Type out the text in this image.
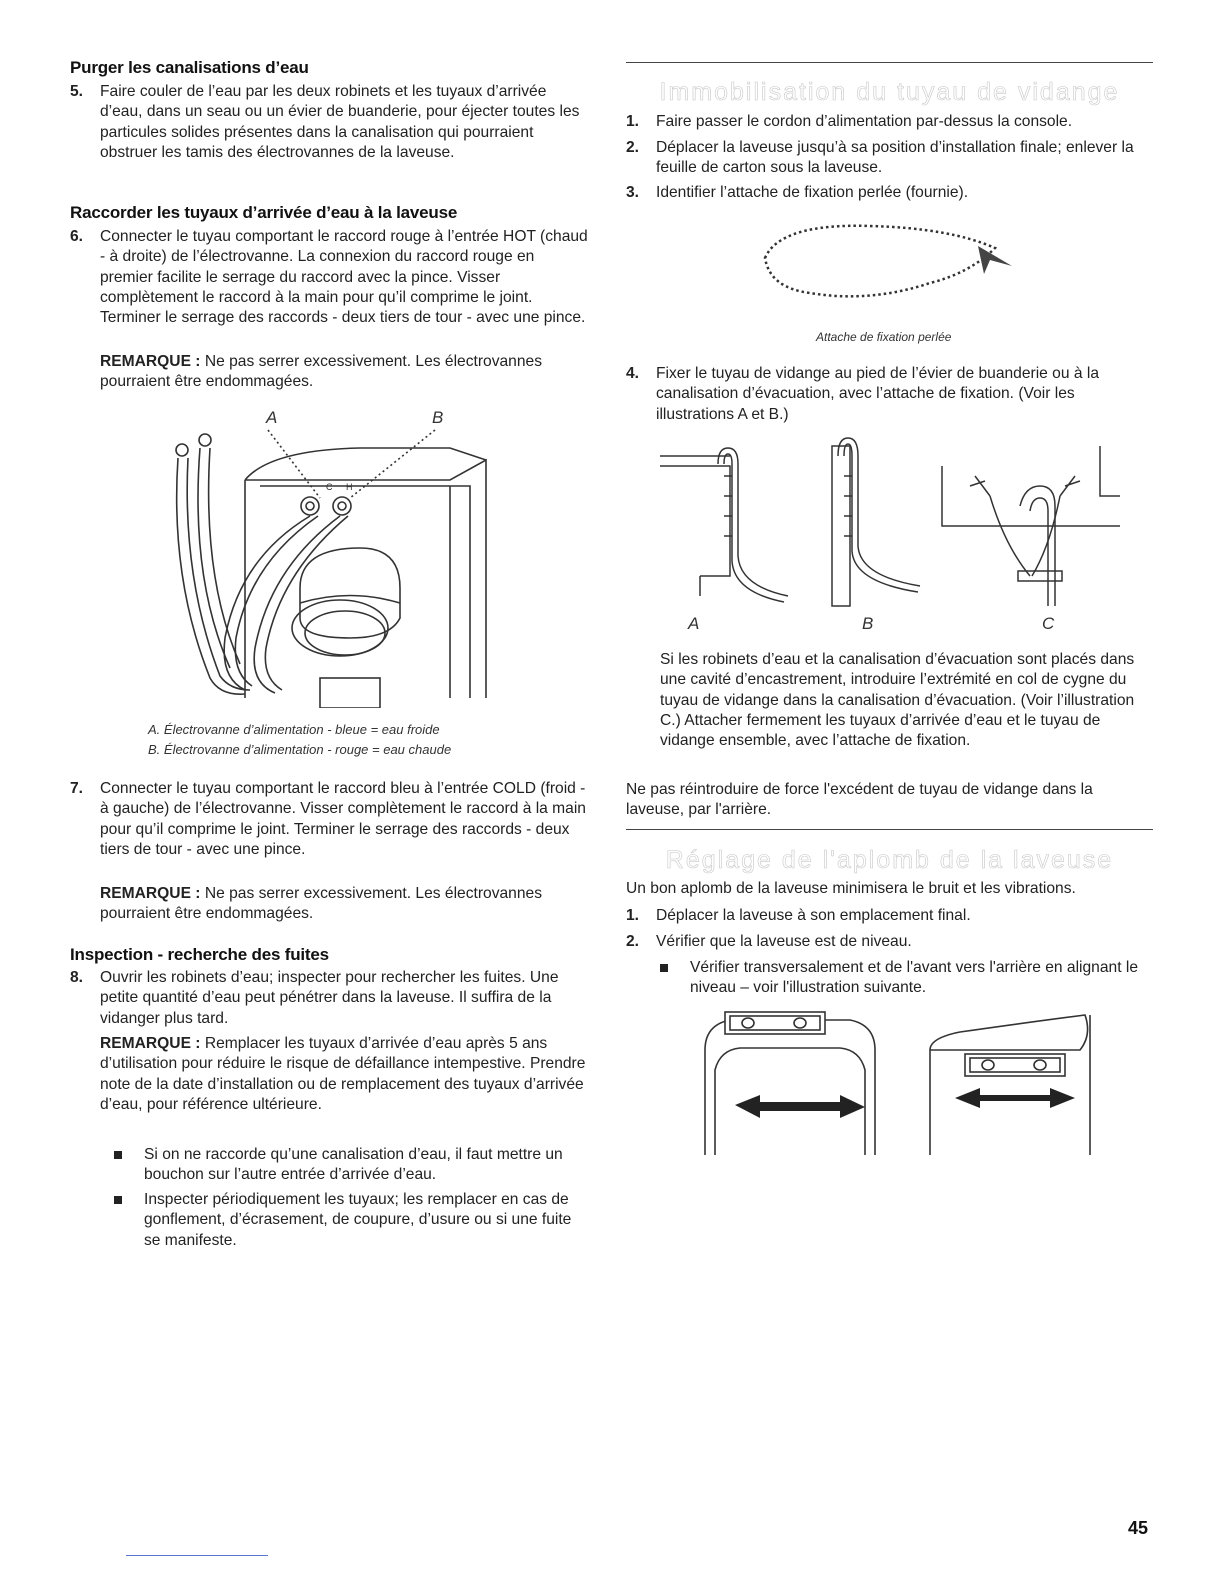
Purger les canalisations d’eau
5. Faire couler de l’eau par les deux robinets et les tuyaux d’arrivée d’eau, dans un seau ou un évier de buanderie, pour éjecter toutes les particules solides présentes dans la canalisation qui pourraient obstruer les tamis des électrovannes de la laveuse.
Raccorder les tuyaux d’arrivée d’eau à la laveuse
6. Connecter le tuyau comportant le raccord rouge à l’entrée HOT (chaud - à droite) de l’électrovanne. La connexion du raccord rouge en premier facilite le serrage du raccord avec la pince. Visser complètement le raccord à la main pour qu’il comprime le joint. Terminer le serrage des raccords - deux tiers de tour - avec une pince.
REMARQUE : Ne pas serrer excessivement. Les électrovannes pourraient être endommagées.
A	B
C H
A. Électrovanne d’alimentation - bleue = eau froide
B. Électrovanne d’alimentation - rouge = eau chaude
7. Connecter le tuyau comportant le raccord bleu à l’entrée COLD (froid - à gauche) de l’électrovanne. Visser complètement le raccord à la main pour qu’il comprime le joint. Terminer le serrage des raccords - deux tiers de tour - avec une pince.
REMARQUE : Ne pas serrer excessivement. Les électrovannes pourraient être endommagées.
Inspection - recherche des fuites
8. Ouvrir les robinets d’eau; inspecter pour rechercher les fuites. Une petite quantité d’eau peut pénétrer dans la laveuse. Il suffira de la vidanger plus tard.
REMARQUE : Remplacer les tuyaux d’arrivée d’eau après 5 ans d’utilisation pour réduire le risque de défaillance intempestive. Prendre note de la date d’installation ou de remplacement des tuyaux d’arrivée d’eau, pour référence ultérieure.
Si on ne raccorde qu’une canalisation d’eau, il faut mettre un bouchon sur l’autre entrée d’arrivée d’eau.
Inspecter périodiquement les tuyaux; les remplacer en cas de gonflement, d’écrasement, de coupure, d’usure ou si une fuite se manifeste.
Immobilisation du tuyau de vidange
1. Faire passer le cordon d’alimentation par-dessus la console.
2. Déplacer la laveuse jusqu’à sa position d’installation finale; enlever la feuille de carton sous la laveuse.
3. Identifier l’attache de fixation perlée (fournie).
Attache de fixation perlée
4. Fixer le tuyau de vidange au pied de l’évier de buanderie ou à la canalisation d’évacuation, avec l’attache de fixation. (Voir les illustrations A et B.)
A	B	C
Si les robinets d’eau et la canalisation d’évacuation sont placés dans une cavité d’encastrement, introduire l’extrémité en col de cygne du tuyau de vidange dans la canalisation d’évacuation. (Voir l’illustration C.) Attacher fermement les tuyaux d’arrivée d’eau et le tuyau de vidange ensemble, avec l’attache de fixation.
Ne pas réintroduire de force l'excédent de tuyau de vidange dans la laveuse, par l'arrière.
Réglage de l'aplomb de la laveuse
Un bon aplomb de la laveuse minimisera le bruit et les vibrations.
1. Déplacer la laveuse à son emplacement final.
2. Vérifier que la laveuse est de niveau.
Vérifier transversalement et de l'avant vers l'arrière en alignant le niveau – voir l'illustration suivante.
45
